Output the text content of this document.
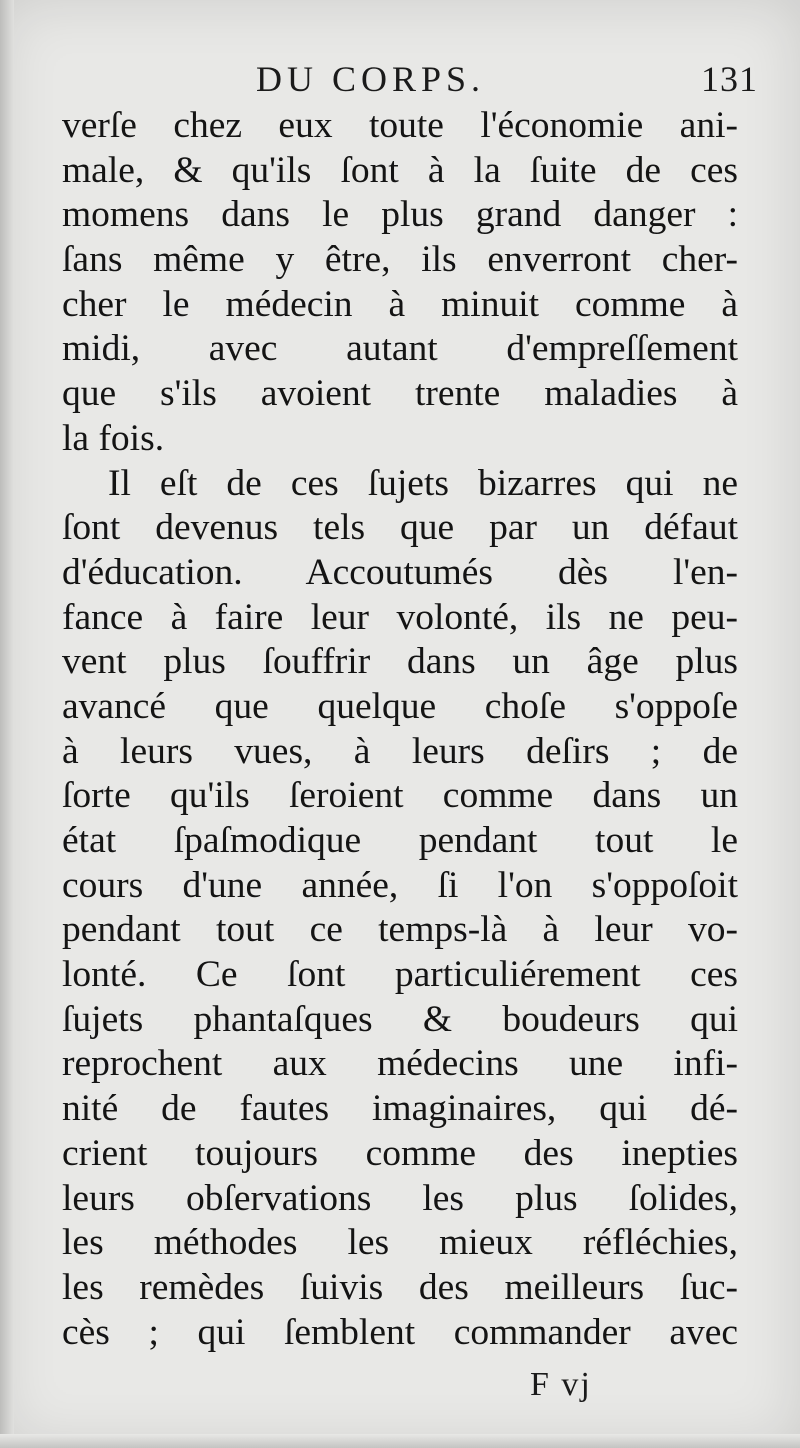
DU CORPS.	131
verſe chez eux toute l'économie ani-
male, & qu'ils ſont à la ſuite de ces
momens dans le plus grand danger :
ſans même y être, ils enverront cher-
cher le médecin à minuit comme à
midi, avec autant d'empreſſement
que s'ils avoient trente maladies à
la fois.
Il eſt de ces ſujets bizarres qui ne
ſont devenus tels que par un défaut
d'éducation. Accoutumés dès l'en-
fance à faire leur volonté, ils ne peu-
vent plus ſouffrir dans un âge plus
avancé que quelque choſe s'oppoſe
à leurs vues, à leurs deſirs ; de
ſorte qu'ils ſeroient comme dans un
état ſpaſmodique pendant tout le
cours d'une année, ſi l'on s'oppoſoit
pendant tout ce temps-là à leur vo-
lonté. Ce ſont particuliérement ces
ſujets phantaſques & boudeurs qui
reprochent aux médecins une infi-
nité de fautes imaginaires, qui dé-
crient toujours comme des inepties
leurs obſervations les plus ſolides,
les méthodes les mieux réfléchies,
les remèdes ſuivis des meilleurs ſuc-
cès ; qui ſemblent commander avec
F vj
